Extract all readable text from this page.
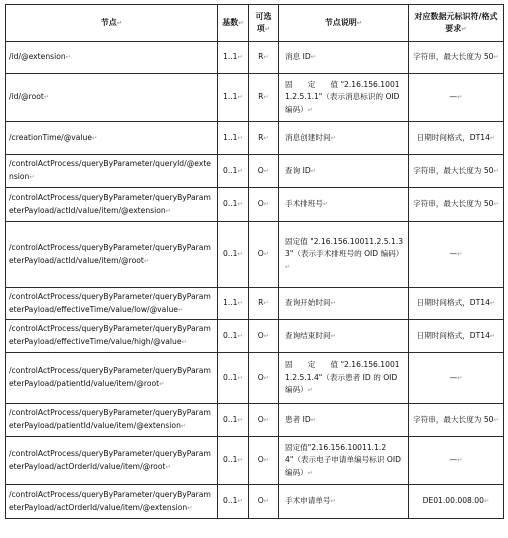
节点↵	基数↵	可选项↵	节点说明↵	对应数据元标识符/格式要求↵
/id/@extension↵	1..1↵	R↵	消息 ID↵	字符串，最大长度为 50↵
/id/@root↵	1..1↵	R↵	固　　定　　值 "2.16.156.10011.2.5.1.1"（表示消息标识的 OID 编码）↵	—↵
/creationTime/@value↵	1..1↵	R↵	消息创建时间↵	日期时间格式，DT14↵
/controlActProcess/queryByParameter/queryId/@extension↵	0..1↵	O↵	查询 ID↵	字符串，最大长度为 50↵
/controlActProcess/queryByParameter/queryByParameterPayload/actId/value/item/@extension↵	0..1↵	O↵	手术排班号↵	字符串，最大长度为 50↵
/controlActProcess/queryByParameter/queryByParameterPayload/actId/value/item/@root↵	0..1↵	O↵	固定值 "2.16.156.10011.2.5.1.33"（表示手术排班号的 OID 编码）↵	—↵
/controlActProcess/queryByParameter/queryByParameterPayload/effectiveTime/value/low/@value↵	1..1↵	R↵	查询开始时间↵	日期时间格式，DT14↵
/controlActProcess/queryByParameter/queryByParameterPayload/effectiveTime/value/high/@value↵	0..1↵	O↵	查询结束时间↵	日期时间格式，DT14↵
/controlActProcess/queryByParameter/queryByParameterPayload/patientId/value/item/@root↵	0..1↵	O↵	固　　定　　值 "2.16.156.10011.2.5.1.4"（表示患者 ID 的 OID 编码）↵	—↵
/controlActProcess/queryByParameter/queryByParameterPayload/patientId/value/item/@extension↵	0..1↵	O↵	患者 ID↵	字符串，最大长度为 50↵
/controlActProcess/queryByParameter/queryByParameterPayload/actOrderId/value/item/@root↵	0..1↵	O↵	固定值"2.16.156.10011.1.24"（表示电子申请单编号标识 OID 编码）↵	—↵
/controlActProcess/queryByParameter/queryByParameterPayload/actOrderId/value/item/@extension↵	0..1↵	O↵	手术申请单号↵	DE01.00.008.00↵
